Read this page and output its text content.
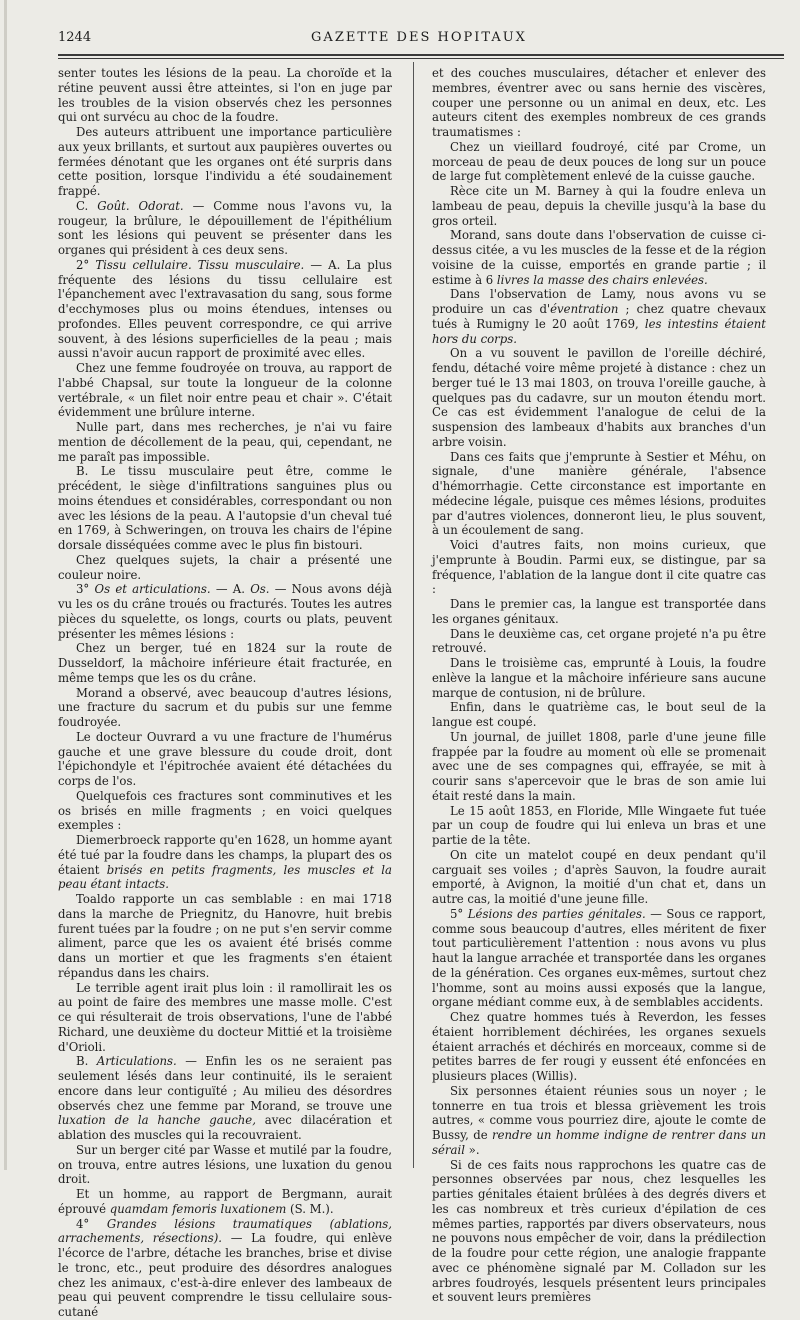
1244	GAZETTE DES HOPITAUX

senter toutes les lésions de la peau. La choroïde et la rétine peuvent aussi être atteintes, si l'on en juge par les troubles de la vision observés chez les personnes qui ont survécu au choc de la foudre.

Des auteurs attribuent une importance particulière aux yeux brillants, et surtout aux paupières ouvertes ou fermées dénotant que les organes ont été surpris dans cette position, lorsque l'individu a été soudainement frappé.

C. Goût. Odorat. — Comme nous l'avons vu, la rougeur, la brûlure, le dépouillement de l'épithélium sont les lésions qui peuvent se présenter dans les organes qui président à ces deux sens.

2° Tissu cellulaire. Tissu musculaire. — A. La plus fréquente des lésions du tissu cellulaire est l'épanchement avec l'extravasation du sang, sous forme d'ecchymoses plus ou moins étendues, intenses ou profondes. Elles peuvent correspondre, ce qui arrive souvent, à des lésions superficielles de la peau ; mais aussi n'avoir aucun rapport de proximité avec elles.

Chez une femme foudroyée on trouva, au rapport de l'abbé Chapsal, sur toute la longueur de la colonne vertébrale, « un filet noir entre peau et chair ». C'était évidemment une brûlure interne.

Nulle part, dans mes recherches, je n'ai vu faire mention de décollement de la peau, qui, cependant, ne me paraît pas impossible.

B. Le tissu musculaire peut être, comme le précédent, le siège d'infiltrations sanguines plus ou moins étendues et considérables, correspondant ou non avec les lésions de la peau. A l'autopsie d'un cheval tué en 1769, à Schweringen, on trouva les chairs de l'épine dorsale disséquées comme avec le plus fin bistouri.

Chez quelques sujets, la chair a présenté une couleur noire.

3° Os et articulations. — A. Os. — Nous avons déjà vu les os du crâne troués ou fracturés. Toutes les autres pièces du squelette, os longs, courts ou plats, peuvent présenter les mêmes lésions :

Chez un berger, tué en 1824 sur la route de Dusseldorf, la mâchoire inférieure était fracturée, en même temps que les os du crâne.

Morand a observé, avec beaucoup d'autres lésions, une fracture du sacrum et du pubis sur une femme foudroyée.

Le docteur Ouvrard a vu une fracture de l'humérus gauche et une grave blessure du coude droit, dont l'épichondyle et l'épitrochée avaient été détachées du corps de l'os.

Quelquefois ces fractures sont comminutives et les os brisés en mille fragments ; en voici quelques exemples :

Diemerbroeck rapporte qu'en 1628, un homme ayant été tué par la foudre dans les champs, la plupart des os étaient brisés en petits fragments, les muscles et la peau étant intacts.

Toaldo rapporte un cas semblable : en mai 1718 dans la marche de Priegnitz, du Hanovre, huit brebis furent tuées par la foudre ; on ne put s'en servir comme aliment, parce que les os avaient été brisés comme dans un mortier et que les fragments s'en étaient répandus dans les chairs.

Le terrible agent irait plus loin : il ramollirait les os au point de faire des membres une masse molle. C'est ce qui résulterait de trois observations, l'une de l'abbé Richard, une deuxième du docteur Mittié et la troisième d'Orioli.

B. Articulations. — Enfin les os ne seraient pas seulement lésés dans leur continuité, ils le seraient encore dans leur contiguïté ; Au milieu des désordres observés chez une femme par Morand, se trouve une luxation de la hanche gauche, avec dilacération et ablation des muscles qui la recouvraient.

Sur un berger cité par Wasse et mutilé par la foudre, on trouva, entre autres lésions, une luxation du genou droit.

Et un homme, au rapport de Bergmann, aurait éprouvé quamdam femoris luxationem (S. M.).

4° Grandes lésions traumatiques (ablations, arrachements, résections). — La foudre, qui enlève l'écorce de l'arbre, détache les branches, brise et divise le tronc, etc., peut produire des désordres analogues chez les animaux, c'est-à-dire enlever des lambeaux de peau qui peuvent comprendre le tissu cellulaire sous-cutané

et des couches musculaires, détacher et enlever des membres, éventrer avec ou sans hernie des viscères, couper une personne ou un animal en deux, etc. Les auteurs citent des exemples nombreux de ces grands traumatismes :

Chez un vieillard foudroyé, cité par Crome, un morceau de peau de deux pouces de long sur un pouce de large fut complètement enlevé de la cuisse gauche.

Rèce cite un M. Barney à qui la foudre enleva un lambeau de peau, depuis la cheville jusqu'à la base du gros orteil.

Morand, sans doute dans l'observation de cuisse ci-dessus citée, a vu les muscles de la fesse et de la région voisine de la cuisse, emportés en grande partie ; il estime à 6 livres la masse des chairs enlevées.

Dans l'observation de Lamy, nous avons vu se produire un cas d'éventration ; chez quatre chevaux tués à Rumigny le 20 août 1769, les intestins étaient hors du corps.

On a vu souvent le pavillon de l'oreille déchiré, fendu, détaché voire même projeté à distance : chez un berger tué le 13 mai 1803, on trouva l'oreille gauche, à quelques pas du cadavre, sur un mouton étendu mort. Ce cas est évidemment l'analogue de celui de la suspension des lambeaux d'habits aux branches d'un arbre voisin.

Dans ces faits que j'emprunte à Sestier et Méhu, on signale, d'une manière générale, l'absence d'hémorrhagie. Cette circonstance est importante en médecine légale, puisque ces mêmes lésions, produites par d'autres violences, donneront lieu, le plus souvent, à un écoulement de sang.

Voici d'autres faits, non moins curieux, que j'emprunte à Boudin. Parmi eux, se distingue, par sa fréquence, l'ablation de la langue dont il cite quatre cas :

Dans le premier cas, la langue est transportée dans les organes génitaux.

Dans le deuxième cas, cet organe projeté n'a pu être retrouvé.

Dans le troisième cas, emprunté à Louis, la foudre enlève la langue et la mâchoire inférieure sans aucune marque de contusion, ni de brûlure.

Enfin, dans le quatrième cas, le bout seul de la langue est coupé.

Un journal, de juillet 1808, parle d'une jeune fille frappée par la foudre au moment où elle se promenait avec une de ses compagnes qui, effrayée, se mit à courir sans s'apercevoir que le bras de son amie lui était resté dans la main.

Le 15 août 1853, en Floride, Mlle Wingaete fut tuée par un coup de foudre qui lui enleva un bras et une partie de la tête.

On cite un matelot coupé en deux pendant qu'il carguait ses voiles ; d'après Sauvon, la foudre aurait emporté, à Avignon, la moitié d'un chat et, dans un autre cas, la moitié d'une jeune fille.

5° Lésions des parties génitales. — Sous ce rapport, comme sous beaucoup d'autres, elles méritent de fixer tout particulièrement l'attention : nous avons vu plus haut la langue arrachée et transportée dans les organes de la génération. Ces organes eux-mêmes, surtout chez l'homme, sont au moins aussi exposés que la langue, organe médiant comme eux, à de semblables accidents.

Chez quatre hommes tués à Reverdon, les fesses étaient horriblement déchirées, les organes sexuels étaient arrachés et déchirés en morceaux, comme si de petites barres de fer rougi y eussent été enfoncées en plusieurs places (Willis).

Six personnes étaient réunies sous un noyer ; le tonnerre en tua trois et blessa grièvement les trois autres, « comme vous pourriez dire, ajoute le comte de Bussy, de rendre un homme indigne de rentrer dans un sérail ».

Si de ces faits nous rapprochons les quatre cas de personnes observées par nous, chez lesquelles les parties génitales étaient brûlées à des degrés divers et les cas nombreux et très curieux d'épilation de ces mêmes parties, rapportés par divers observateurs, nous ne pouvons nous empêcher de voir, dans la prédilection de la foudre pour cette région, une analogie frappante avec ce phénomène signalé par M. Colladon sur les arbres foudroyés, lesquels présentent leurs principales et souvent leurs premières
